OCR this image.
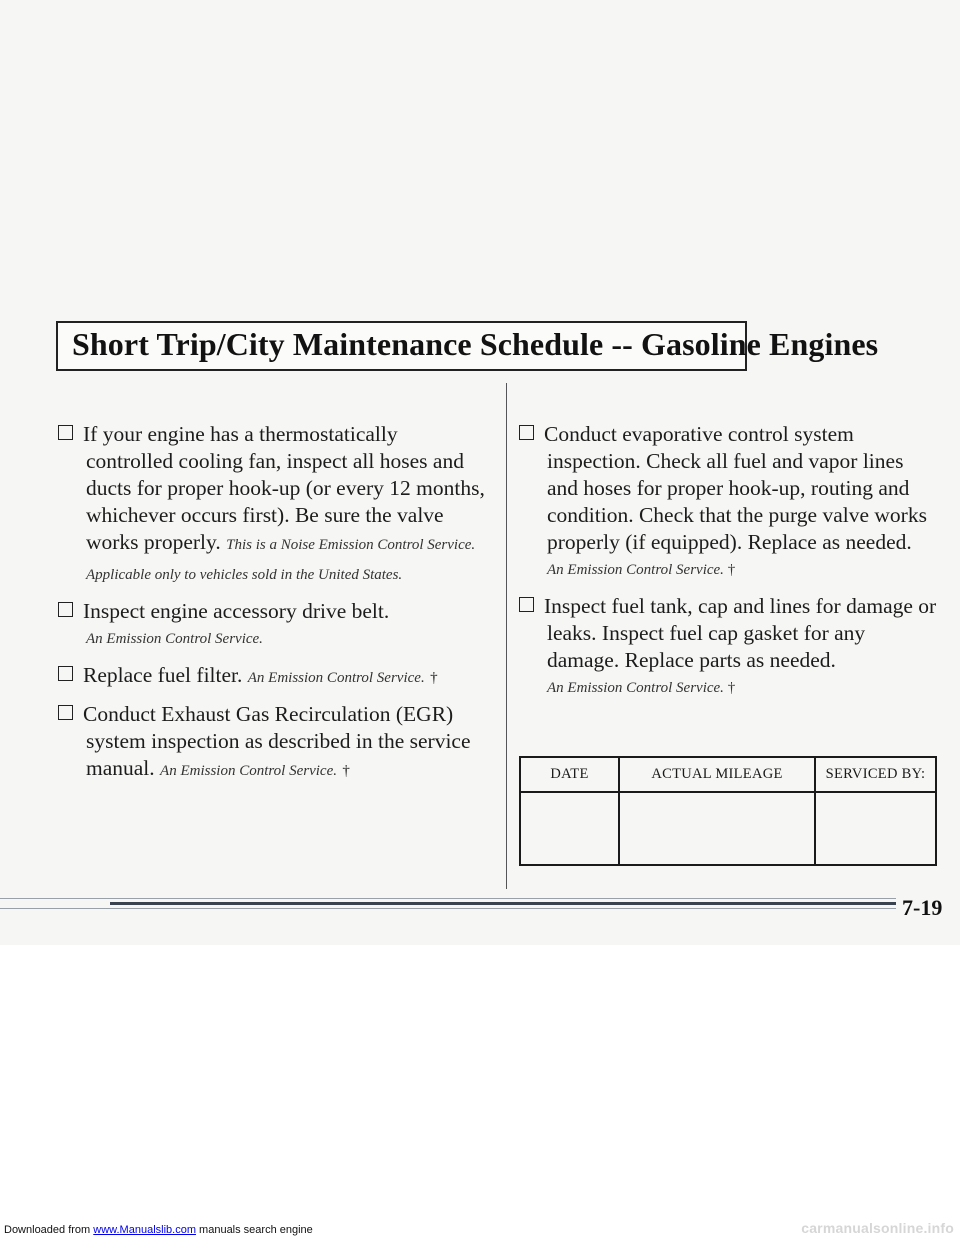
Short Trip/City Maintenance Schedule -- Gasoline Engines
If your engine has a thermostatically controlled cooling fan, inspect all hoses and ducts for proper hook-up (or every 12 months, whichever occurs first). Be sure the valve works properly. This is a Noise Emission Control Service. Applicable only to vehicles sold in the United States.
Inspect engine accessory drive belt.
An Emission Control Service.
Replace fuel filter. An Emission Control Service. †
Conduct Exhaust Gas Recirculation (EGR) system inspection as described in the service manual. An Emission Control Service. †
Conduct evaporative control system inspection. Check all fuel and vapor lines and hoses for proper hook-up, routing and condition. Check that the purge valve works properly (if equipped). Replace as needed.
An Emission Control Service. †
Inspect fuel tank, cap and lines for damage or leaks. Inspect fuel cap gasket for any damage. Replace parts as needed.
An Emission Control Service. †
DATE	ACTUAL MILEAGE	SERVICED BY:

7-19
Downloaded from www.Manualslib.com manuals search engine	carmanualsonline.info
